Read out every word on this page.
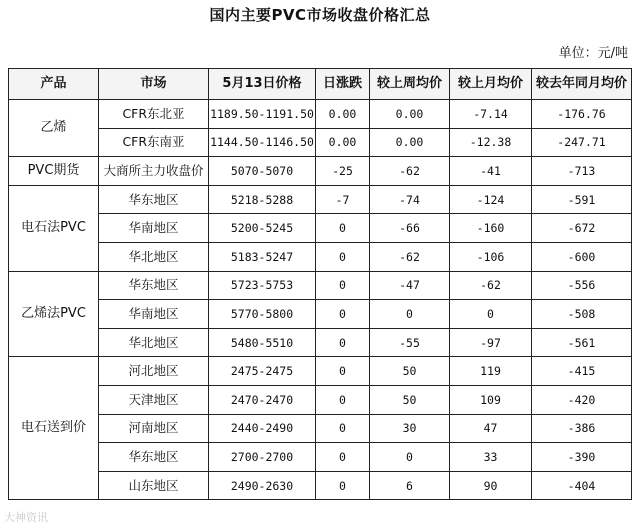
国内主要PVC市场收盘价格汇总
单位：元/吨
产品	市场	5月13日价格	日涨跌	较上周均价	较上月均价	较去年同月均价
乙烯	CFR东北亚	1189.50-1191.50	0.00	0.00	-7.14	-176.76
	CFR东南亚	1144.50-1146.50	0.00	0.00	-12.38	-247.71
PVC期货	大商所主力收盘价	5070-5070	-25	-62	-41	-713
电石法PVC	华东地区	5218-5288	-7	-74	-124	-591
	华南地区	5200-5245	0	-66	-160	-672
	华北地区	5183-5247	0	-62	-106	-600
乙烯法PVC	华东地区	5723-5753	0	-47	-62	-556
	华南地区	5770-5800	0	0	0	-508
	华北地区	5480-5510	0	-55	-97	-561
电石送到价	河北地区	2475-2475	0	50	119	-415
	天津地区	2470-2470	0	50	109	-420
	河南地区	2440-2490	0	30	47	-386
	华东地区	2700-2700	0	0	33	-390
	山东地区	2490-2630	0	6	90	-404
大神资讯
